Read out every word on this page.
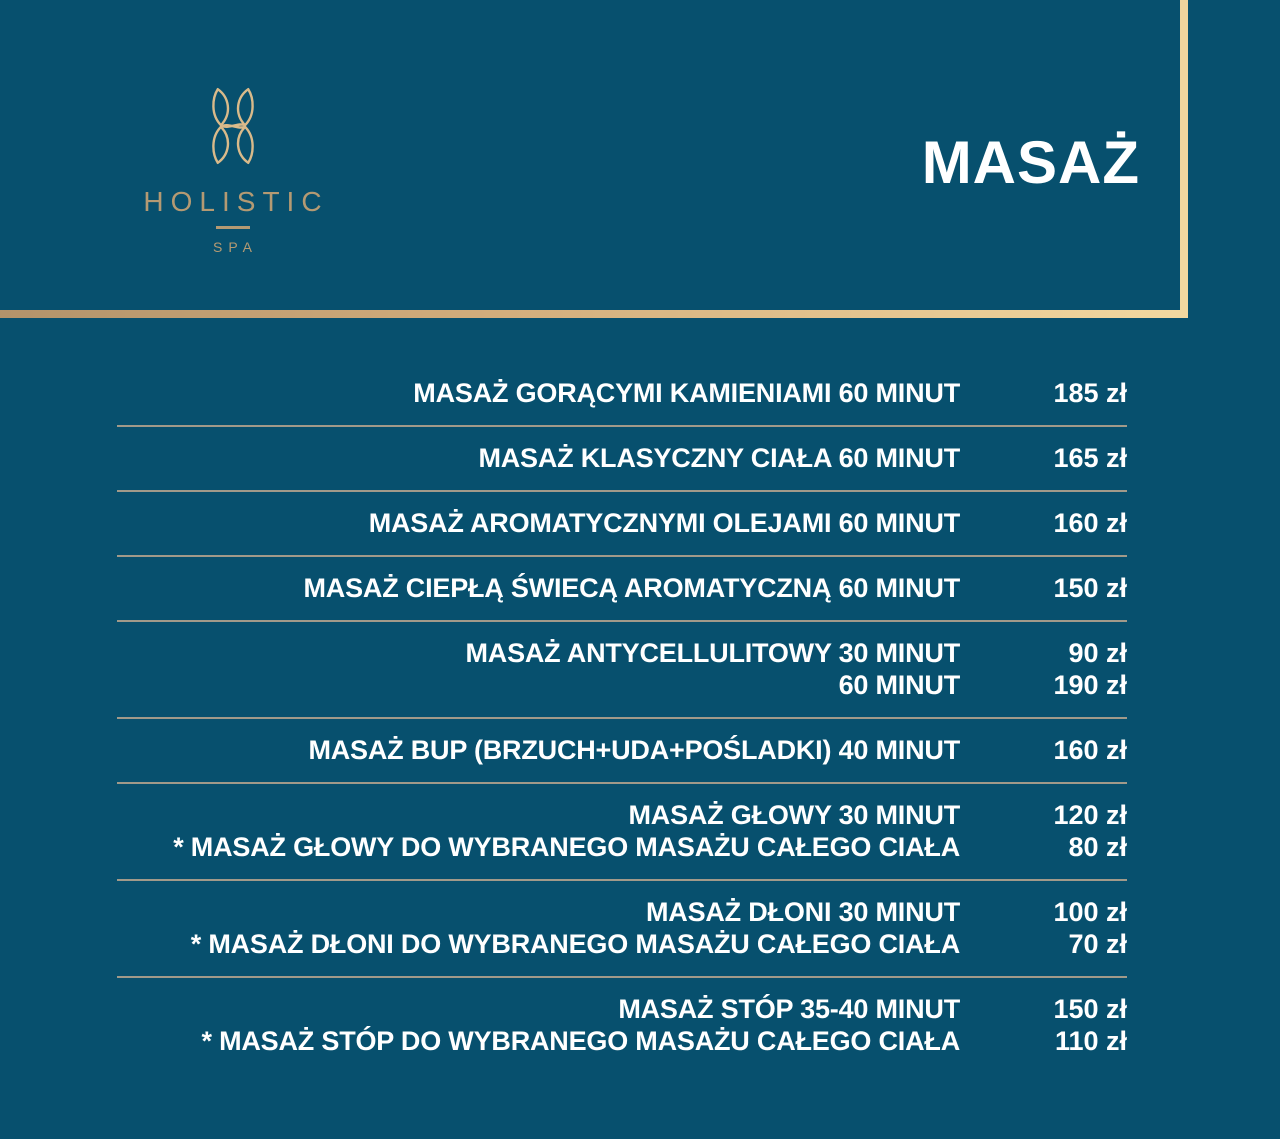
HOLISTIC
SPA
MASAŻ
MASAŻ GORĄCYMI KAMIENIAMI 60 MINUT	185 zł
MASAŻ KLASYCZNY CIAŁA 60 MINUT	165 zł
MASAŻ AROMATYCZNYMI OLEJAMI 60 MINUT	160 zł
MASAŻ CIEPŁĄ ŚWIECĄ AROMATYCZNĄ 60 MINUT	150 zł
MASAŻ ANTYCELLULITOWY 30 MINUT	90 zł
60 MINUT	190 zł
MASAŻ BUP (BRZUCH+UDA+POŚLADKI) 40 MINUT	160 zł
MASAŻ GŁOWY 30 MINUT	120 zł
* MASAŻ GŁOWY DO WYBRANEGO MASAŻU CAŁEGO CIAŁA	80 zł
MASAŻ DŁONI 30 MINUT	100 zł
* MASAŻ DŁONI DO WYBRANEGO MASAŻU CAŁEGO CIAŁA	70 zł
MASAŻ STÓP 35-40 MINUT	150 zł
* MASAŻ STÓP DO WYBRANEGO MASAŻU CAŁEGO CIAŁA	110 zł
